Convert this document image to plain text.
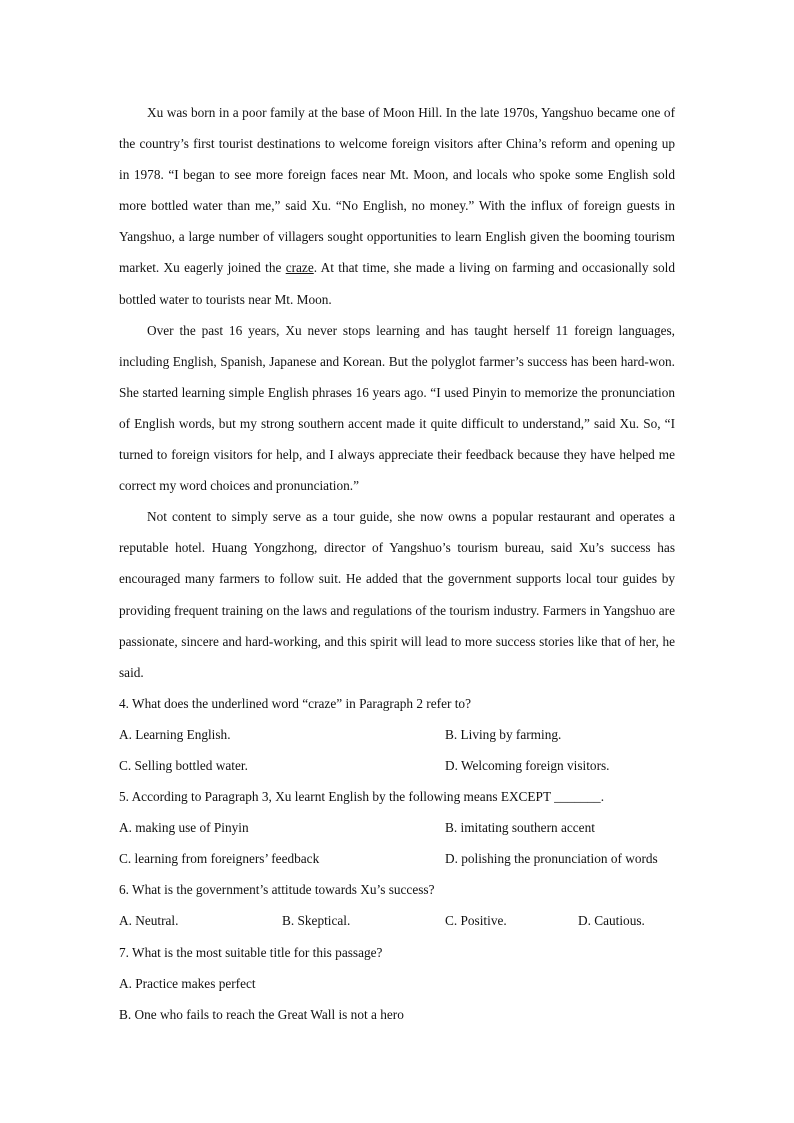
Xu was born in a poor family at the base of Moon Hill. In the late 1970s, Yangshuo became one of the country’s first tourist destinations to welcome foreign visitors after China’s reform and opening up in 1978. “I began to see more foreign faces near Mt. Moon, and locals who spoke some English sold more bottled water than me,” said Xu. “No English, no money.” With the influx of foreign guests in Yangshuo, a large number of villagers sought opportunities to learn English given the booming tourism market. Xu eagerly joined the craze. At that time, she made a living on farming and occasionally sold bottled water to tourists near Mt. Moon.

Over the past 16 years, Xu never stops learning and has taught herself 11 foreign languages, including English, Spanish, Japanese and Korean. But the polyglot farmer’s success has been hard-won. She started learning simple English phrases 16 years ago. “I used Pinyin to memorize the pronunciation of English words, but my strong southern accent made it quite difficult to understand,” said Xu. So, “I turned to foreign visitors for help, and I always appreciate their feedback because they have helped me correct my word choices and pronunciation.”

Not content to simply serve as a tour guide, she now owns a popular restaurant and operates a reputable hotel. Huang Yongzhong, director of Yangshuo’s tourism bureau, said Xu’s success has encouraged many farmers to follow suit. He added that the government supports local tour guides by providing frequent training on the laws and regulations of the tourism industry. Farmers in Yangshuo are passionate, sincere and hard-working, and this spirit will lead to more success stories like that of her, he said.

4. What does the underlined word “craze” in Paragraph 2 refer to?

A. Learning English.	B. Living by farming.
C. Selling bottled water.	D. Welcoming foreign visitors.

5. According to Paragraph 3, Xu learnt English by the following means EXCEPT _______.

A. making use of Pinyin	B. imitating southern accent
C. learning from foreigners’ feedback	D. polishing the pronunciation of words

6. What is the government’s attitude towards Xu’s success?

A. Neutral.	B. Skeptical.	C. Positive.	D. Cautious.

7. What is the most suitable title for this passage?

A. Practice makes perfect

B. One who fails to reach the Great Wall is not a hero
